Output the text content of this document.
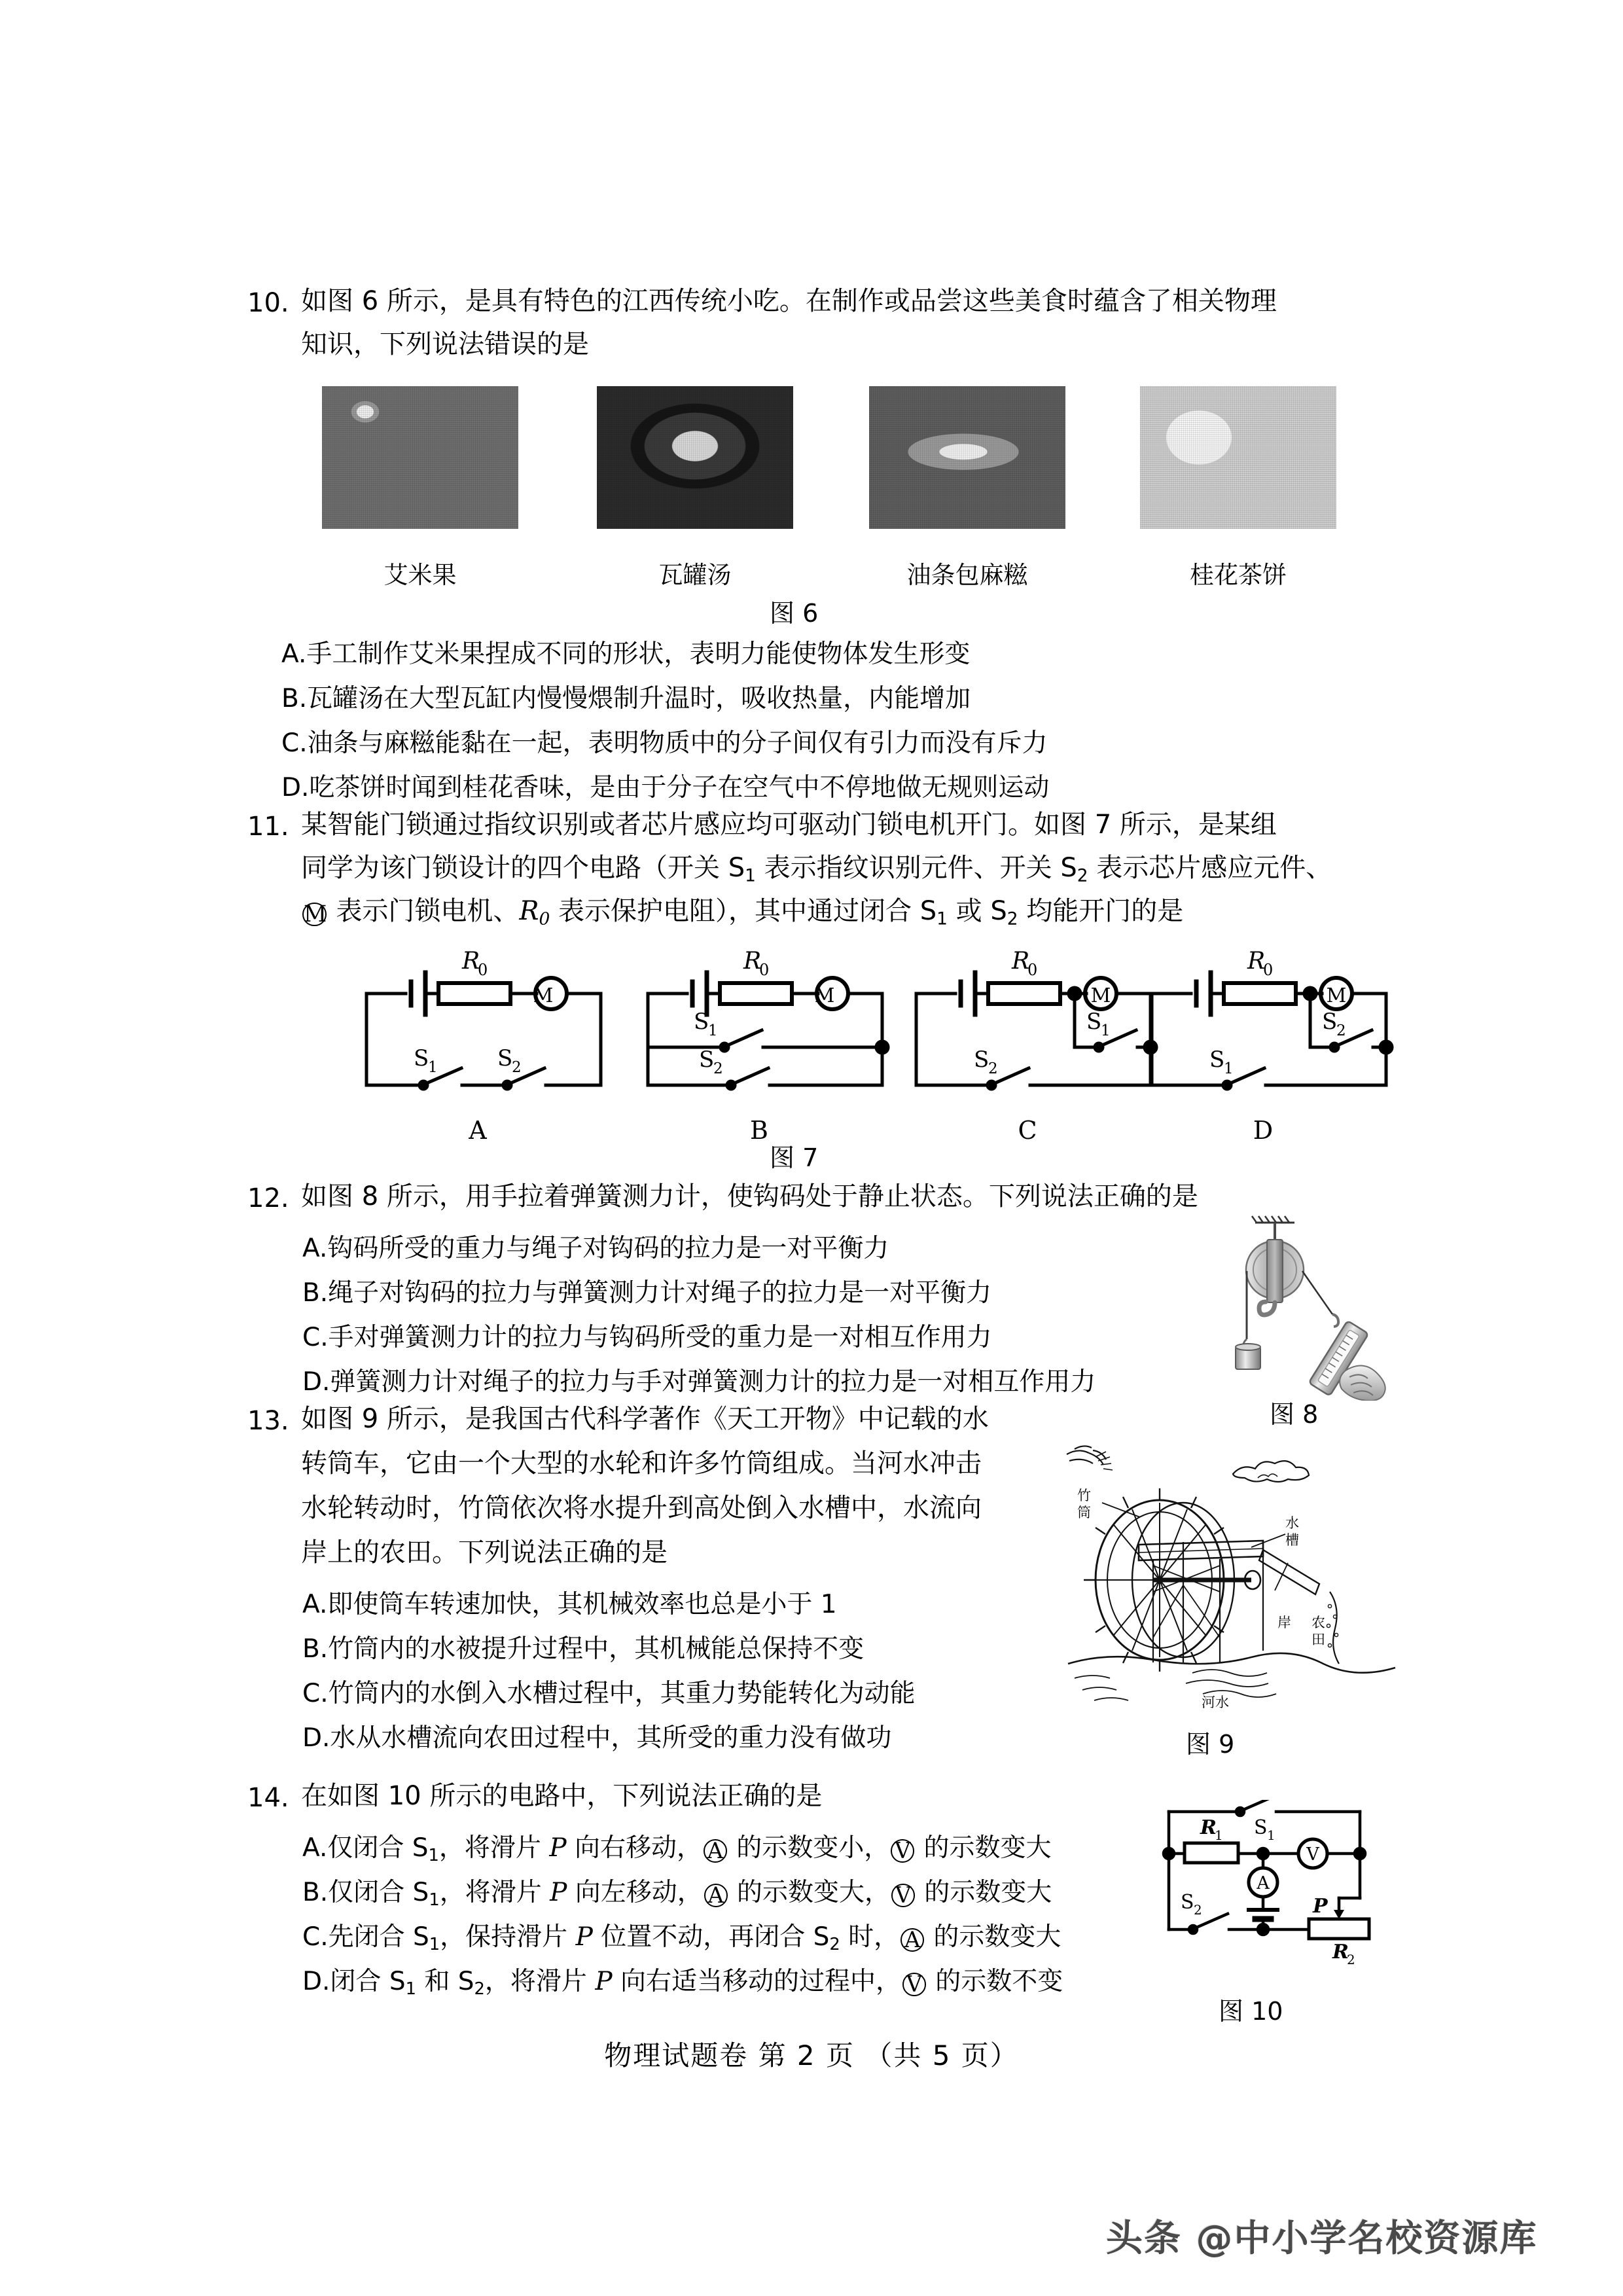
10. 如图 6 所示，是具有特色的江西传统小吃。在制作或品尝这些美食时蕴含了相关物理
知识，下列说法错误的是
艾米果	瓦罐汤	油条包麻糍	桂花茶饼
图 6
A.手工制作艾米果捏成不同的形状，表明力能使物体发生形变
B.瓦罐汤在大型瓦缸内慢慢煨制升温时，吸收热量，内能增加
C.油条与麻糍能黏在一起，表明物质中的分子间仅有引力而没有斥力
D.吃茶饼时闻到桂花香味，是由于分子在空气中不停地做无规则运动
11. 某智能门锁通过指纹识别或者芯片感应均可驱动门锁电机开门。如图 7 所示，是某组
同学为该门锁设计的四个电路（开关 $S_1$ 表示指纹识别元件、开关 $S_2$ 表示芯片感应元件、
M 表示门锁电机、$R_0$ 表示保护电阻），其中通过闭合 $S_1$ 或 $S_2$ 均能开门的是
R
0
M
S
1	S
2
A
R
0
M
S
1
S
2
B
R
0
M
S
1
S
2
C
R
0
M
S
2
S
1
D
图 7
12. 如图 8 所示，用手拉着弹簧测力计，使钩码处于静止状态。下列说法正确的是
A.钩码所受的重力与绳子对钩码的拉力是一对平衡力
B.绳子对钩码的拉力与弹簧测力计对绳子的拉力是一对平衡力
C.手对弹簧测力计的拉力与钩码所受的重力是一对相互作用力
D.弹簧测力计对绳子的拉力与手对弹簧测力计的拉力是一对相互作用力
图 8
13. 如图 9 所示，是我国古代科学著作《天工开物》中记载的水
转筒车，它由一个大型的水轮和许多竹筒组成。当河水冲击
水轮转动时，竹筒依次将水提升到高处倒入水槽中，水流向
岸上的农田。下列说法正确的是
A.即使筒车转速加快，其机械效率也总是小于 1
B.竹筒内的水被提升过程中，其机械能总保持不变
C.竹筒内的水倒入水槽过程中，其重力势能转化为动能
D.水从水槽流向农田过程中，其所受的重力没有做功
竹
筒
水
槽
岸 农
田
河水
图 9
14. 在如图 10 所示的电路中，下列说法正确的是
A.仅闭合 $S_1$，将滑片 P 向右移动， A 的示数变小， V 的示数变大
B.仅闭合 $S_1$，将滑片 P 向左移动， A 的示数变大， V 的示数变大
C.先闭合 $S_1$，保持滑片 P 位置不动，再闭合 $S_2$ 时， A 的示数变大
D.闭合 $S_1$ 和 $S_2$，将滑片 P 向右适当移动的过程中， V 的示数不变
R
1 S 1
S 2
V
A
P
R
2
图 10
物理试题卷 第 2 页 （共 5 页）
头条 @中小学名校资源库
